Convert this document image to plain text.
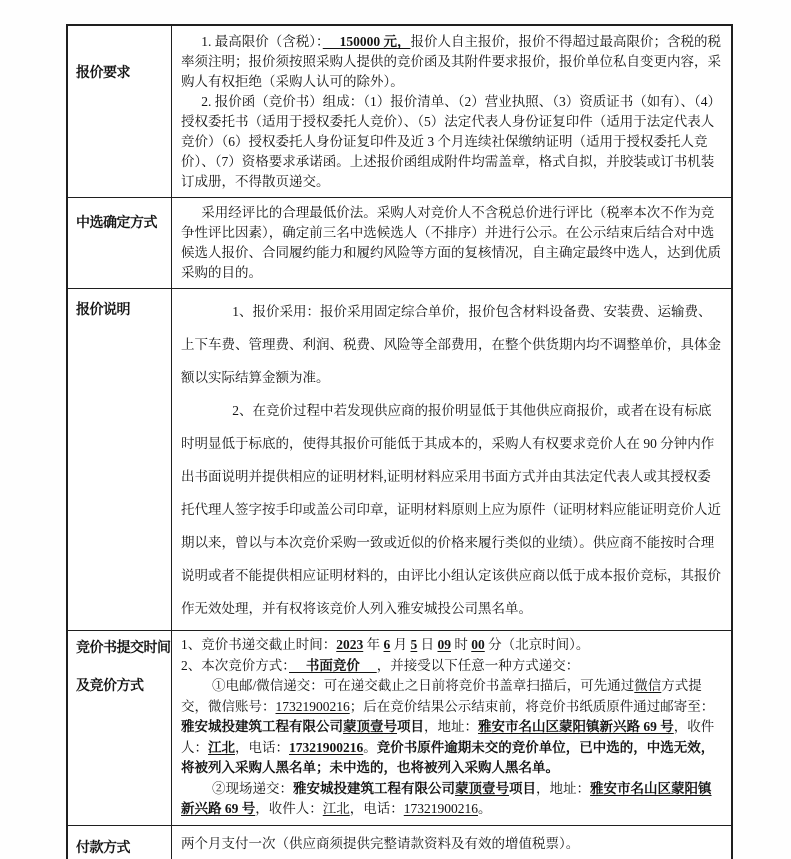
报价要求

1. 最高限价（含税）：　 150000 元，报价人自主报价，报价不得超过最高限价；含税的税率须注明；报价须按照采购人提供的竞价函及其附件要求报价，报价单位私自变更内容，采购人有权拒绝（采购人认可的除外）。

2. 报价函（竞价书）组成：（1）报价清单、（2）营业执照、（3）资质证书（如有）、（4）授权委托书（适用于授权委托人竞价）、（5）法定代表人身份证复印件（适用于法定代表人竞价）（6）授权委托人身份证复印件及近 3 个月连续社保缴纳证明（适用于授权委托人竞价）、（7）资格要求承诺函。上述报价函组成附件均需盖章，格式自拟，并胶装或订书机装订成册，不得散页递交。

中选确定方式

采用经评比的合理最低价法。采购人对竞价人不含税总价进行评比（税率本次不作为竞争性评比因素），确定前三名中选候选人（不排序）并进行公示。在公示结束后结合对中选候选人报价、合同履约能力和履约风险等方面的复核情况，自主确定最终中选人，达到优质采购的目的。

报价说明	1、报价采用：报价采用固定综合单价，报价包含材料设备费、安装费、运输费、上下车费、管理费、利润、税费、风险等全部费用，在整个供货期内均不调整单价，具体金额以实际结算金额为准。

2、在竞价过程中若发现供应商的报价明显低于其他供应商报价，或者在设有标底时明显低于标底的，使得其报价可能低于其成本的，采购人有权要求竞价人在 90 分钟内作出书面说明并提供相应的证明材料,证明材料应采用书面方式并由其法定代表人或其授权委托代理人签字按手印或盖公司印章，证明材料原则上应为原件（证明材料应能证明竞价人近期以来，曾以与本次竞价采购一致或近似的价格来履行类似的业绩）。供应商不能按时合理说明或者不能提供相应证明材料的，由评比小组认定该供应商以低于成本报价竞标，其报价作无效处理，并有权将该竞价人列入雅安城投公司黑名单。

竞价书提交时间
及竞价方式

1、竞价书递交截止时间：2023 年 6 月 5 日 09 时 00 分（北京时间）。

2、本次竞价方式：　 书面竞价 　，并接受以下任意一种方式递交：

①电邮/微信递交：可在递交截止之日前将竞价书盖章扫描后，可先通过微信方式提交，微信账号：17321900216；后在竞价结果公示结束前，将竞价书纸质原件通过邮寄至：雅安城投建筑工程有限公司蒙顶壹号项目，地址：雅安市名山区蒙阳镇新兴路 69 号，收件人：江北，电话：17321900216。竞价书原件逾期未交的竞价单位，已中选的，中选无效，将被列入采购人黑名单；未中选的，也将被列入采购人黑名单。

②现场递交：雅安城投建筑工程有限公司蒙顶壹号项目，地址：雅安市名山区蒙阳镇新兴路 69 号，收件人：江北，电话：17321900216。

付款方式	两个月支付一次（供应商须提供完整请款资料及有效的增值税票）。
